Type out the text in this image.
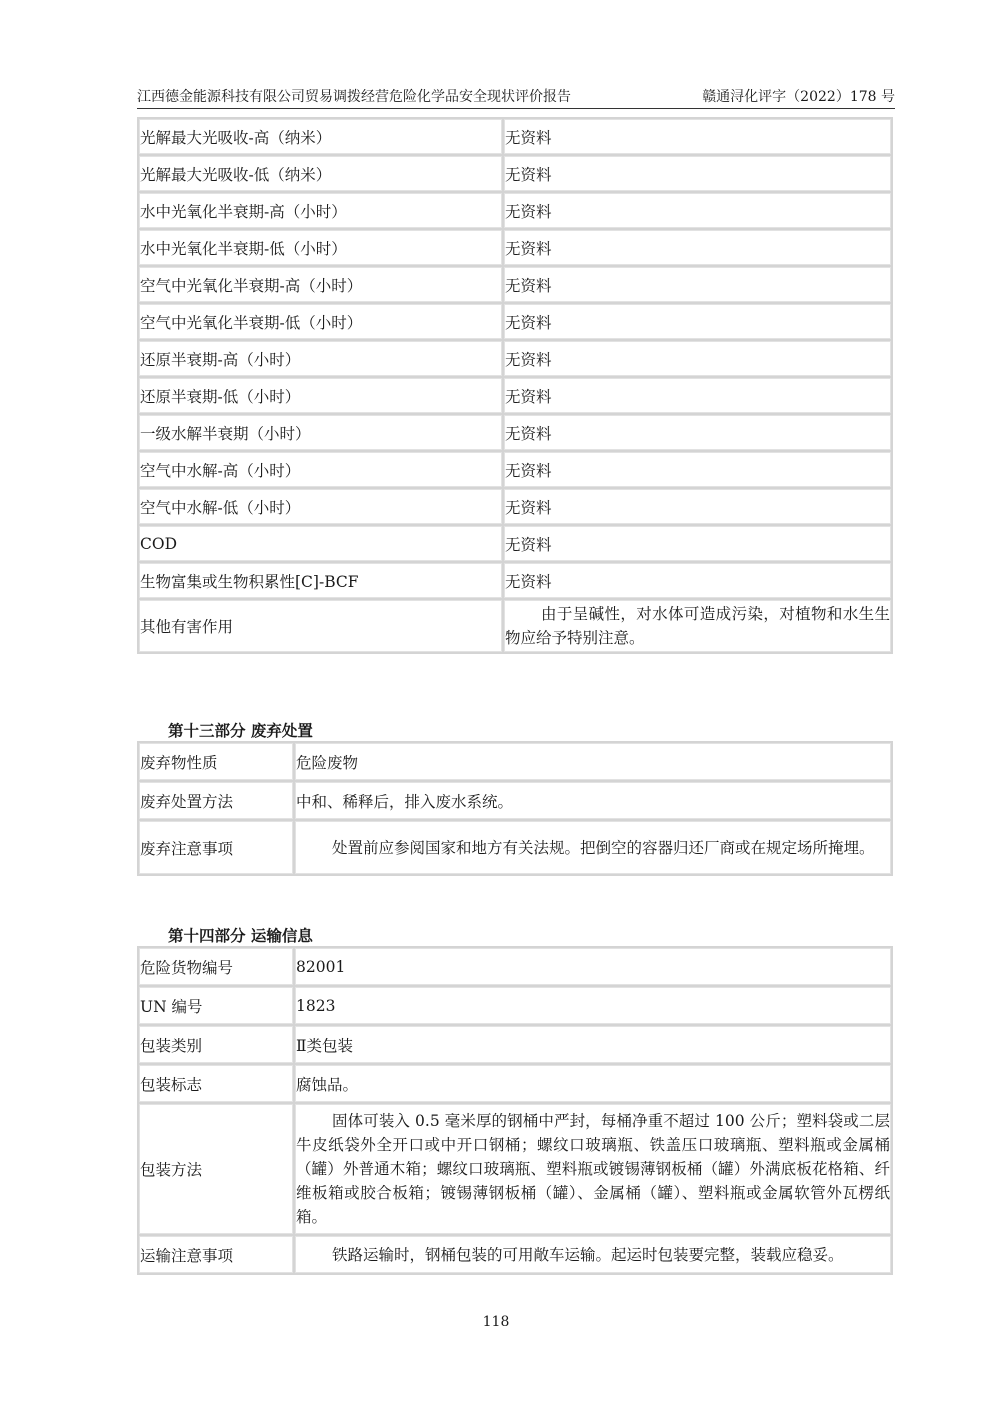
江西德金能源科技有限公司贸易调拨经营危险化学品安全现状评价报告	赣通浔化评字（2022）178 号
光解最大光吸收-高（纳米）	无资料
光解最大光吸收-低（纳米）	无资料
水中光氧化半衰期-高（小时）	无资料
水中光氧化半衰期-低（小时）	无资料
空气中光氧化半衰期-高（小时）	无资料
空气中光氧化半衰期-低（小时）	无资料
还原半衰期-高（小时）	无资料
还原半衰期-低（小时）	无资料
一级水解半衰期（小时）	无资料
空气中水解-高（小时）	无资料
空气中水解-低（小时）	无资料
COD	无资料
生物富集或生物积累性[C]-BCF	无资料
其他有害作用	由于呈碱性，对水体可造成污染，对植物和水生生物应给予特别注意。
第十三部分 废弃处置
废弃物性质	危险废物
废弃处置方法	中和、稀释后，排入废水系统。
废弃注意事项	处置前应参阅国家和地方有关法规。把倒空的容器归还厂商或在规定场所掩埋。
第十四部分 运输信息
危险货物编号	82001
UN 编号	1823
包装类别	Ⅱ类包装
包装标志	腐蚀品。
包装方法	固体可装入 0.5 毫米厚的钢桶中严封，每桶净重不超过 100 公斤；塑料袋或二层牛皮纸袋外全开口或中开口钢桶；螺纹口玻璃瓶、铁盖压口玻璃瓶、塑料瓶或金属桶（罐）外普通木箱；螺纹口玻璃瓶、塑料瓶或镀锡薄钢板桶（罐）外满底板花格箱、纤维板箱或胶合板箱；镀锡薄钢板桶（罐）、金属桶（罐）、塑料瓶或金属软管外瓦楞纸箱。
运输注意事项	铁路运输时，钢桶包装的可用敞车运输。起运时包装要完整，装载应稳妥。
118
